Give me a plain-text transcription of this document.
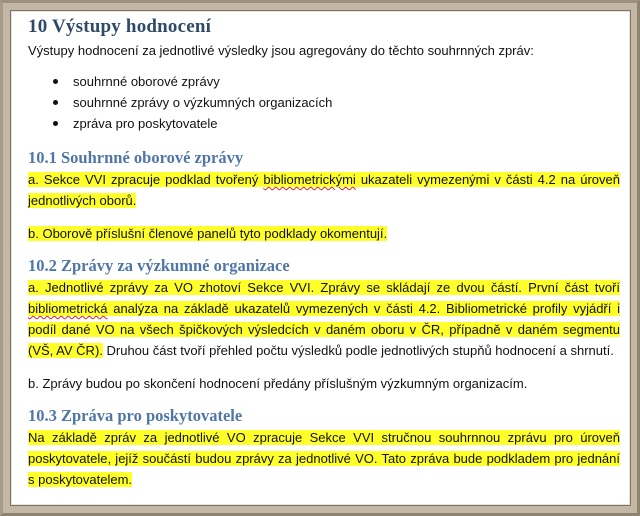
10 Výstupy hodnocení

Výstupy hodnocení za jednotlivé výsledky jsou agregovány do těchto souhrnných zpráv:

souhrnné oborové zprávy
souhrnné zprávy o výzkumných organizacích
zpráva pro poskytovatele
10.1 Souhrnné oborové zprávy

a. Sekce VVI zpracuje podklad tvořený bibliometrickými ukazateli vymezenými v části 4.2 na úroveň jednotlivých oborů.

b. Oborově příslušní členové panelů tyto podklady okomentují.

10.2 Zprávy za výzkumné organizace

a. Jednotlivé zprávy za VO zhotoví Sekce VVI. Zprávy se skládají ze dvou částí. První část tvoří bibliometrická analýza na základě ukazatelů vymezených v části 4.2. Bibliometrické profily vyjádří i podíl dané VO na všech špičkových výsledcích v daném oboru v ČR, případně v daném segmentu (VŠ, AV ČR). Druhou část tvoří přehled počtu výsledků podle jednotlivých stupňů hodnocení a shrnutí.

b. Zprávy budou po skončení hodnocení předány příslušným výzkumným organizacím.

10.3 Zpráva pro poskytovatele

Na základě zpráv za jednotlivé VO zpracuje Sekce VVI stručnou souhrnnou zprávu pro úroveň poskytovatele, jejíž součástí budou zprávy za jednotlivé VO. Tato zpráva bude podkladem pro jednání s poskytovatelem.
